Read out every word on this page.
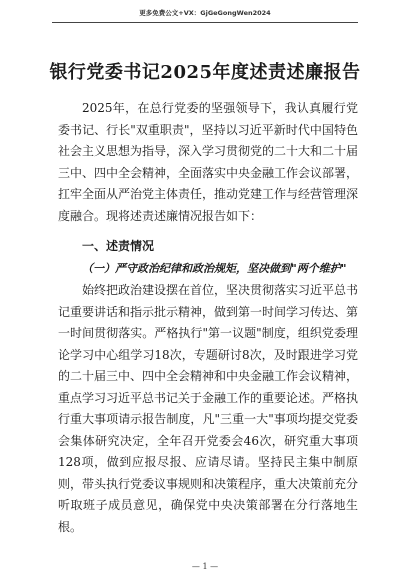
更多免费公文+VX：GjGeGongWen2024
银行党委书记2025年度述责述廉报告
2025年，在总行党委的坚强领导下，我认真履行党委书记、行长"双重职责"，坚持以习近平新时代中国特色社会主义思想为指导，深入学习贯彻党的二十大和二十届三中、四中全会精神，全面落实中央金融工作会议部署，扛牢全面从严治党主体责任，推动党建工作与经营管理深度融合。现将述责述廉情况报告如下：
一、述责情况
（一）严守政治纪律和政治规矩，坚决做到"两个维护"
始终把政治建设摆在首位，坚决贯彻落实习近平总书记重要讲话和指示批示精神，做到第一时间学习传达、第一时间贯彻落实。严格执行"第一议题"制度，组织党委理论学习中心组学习18次，专题研讨8次，及时跟进学习党的二十届三中、四中全会精神和中央金融工作会议精神，重点学习习近平总书记关于金融工作的重要论述。严格执行重大事项请示报告制度，凡"三重一大"事项均提交党委会集体研究决定，全年召开党委会46次，研究重大事项128项，做到应报尽报、应请尽请。坚持民主集中制原则，带头执行党委议事规则和决策程序，重大决策前充分听取班子成员意见，确保党中央决策部署在分行落地生根。
— 1 —
